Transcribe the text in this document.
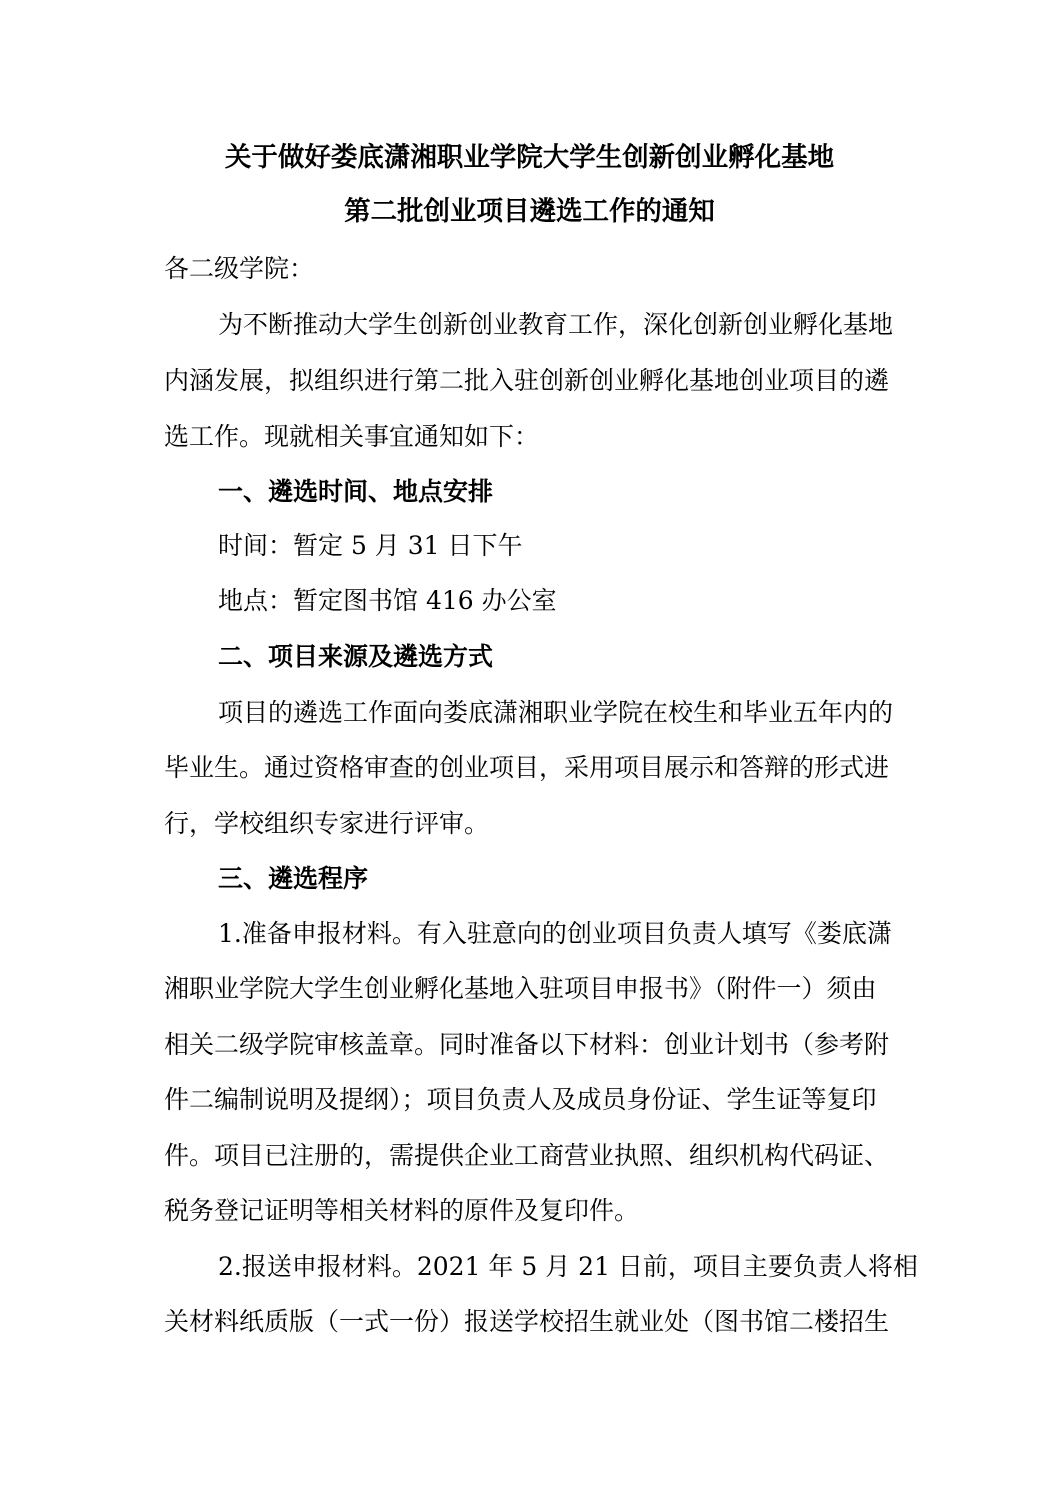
关于做好娄底潇湘职业学院大学生创新创业孵化基地
第二批创业项目遴选工作的通知
各二级学院：
为不断推动大学生创新创业教育工作，深化创新创业孵化基地
内涵发展，拟组织进行第二批入驻创新创业孵化基地创业项目的遴
选工作。现就相关事宜通知如下：
一、遴选时间、地点安排
时间：暂定 5 月 31 日下午
地点：暂定图书馆 416 办公室
二、项目来源及遴选方式
项目的遴选工作面向娄底潇湘职业学院在校生和毕业五年内的
毕业生。通过资格审查的创业项目，采用项目展示和答辩的形式进
行，学校组织专家进行评审。
三、遴选程序
1.准备申报材料。有入驻意向的创业项目负责人填写《娄底潇
湘职业学院大学生创业孵化基地入驻项目申报书》（附件一）须由
相关二级学院审核盖章。同时准备以下材料：创业计划书（参考附
件二编制说明及提纲）；项目负责人及成员身份证、学生证等复印
件。项目已注册的，需提供企业工商营业执照、组织机构代码证、
税务登记证明等相关材料的原件及复印件。
2.报送申报材料。2021 年 5 月 21 日前，项目主要负责人将相
关材料纸质版（一式一份）报送学校招生就业处（图书馆二楼招生
